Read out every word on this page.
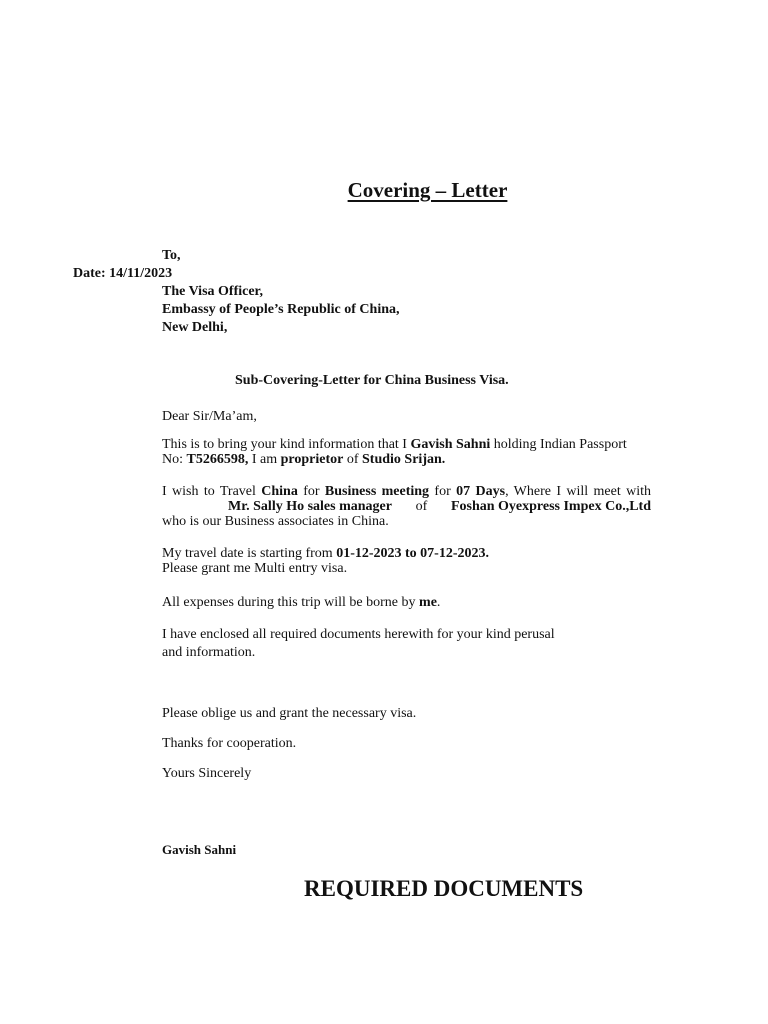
Covering – Letter
To,
Date: 14/11/2023
The Visa Officer,
Embassy of People’s Republic of China,
New Delhi,
Sub-Covering-Letter for China Business Visa.
Dear Sir/Ma’am,
This is to bring your kind information that I Gavish Sahni holding Indian Passport No: T5266598, I am proprietor of Studio Srijan.
I wish to Travel China for Business meeting for 07 Days, Where I will meet with
Mr. Sally Ho sales manager of Foshan Oyexpress Impex Co.,Ltd
who is our Business associates in China.
My travel date is starting from 01-12-2023 to 07-12-2023.
Please grant me Multi entry visa.
All expenses during this trip will be borne by me.
I have enclosed all required documents herewith for your kind perusal
and information.
Please oblige us and grant the necessary visa.
Thanks for cooperation.
Yours Sincerely
Gavish Sahni
REQUIRED DOCUMENTS
